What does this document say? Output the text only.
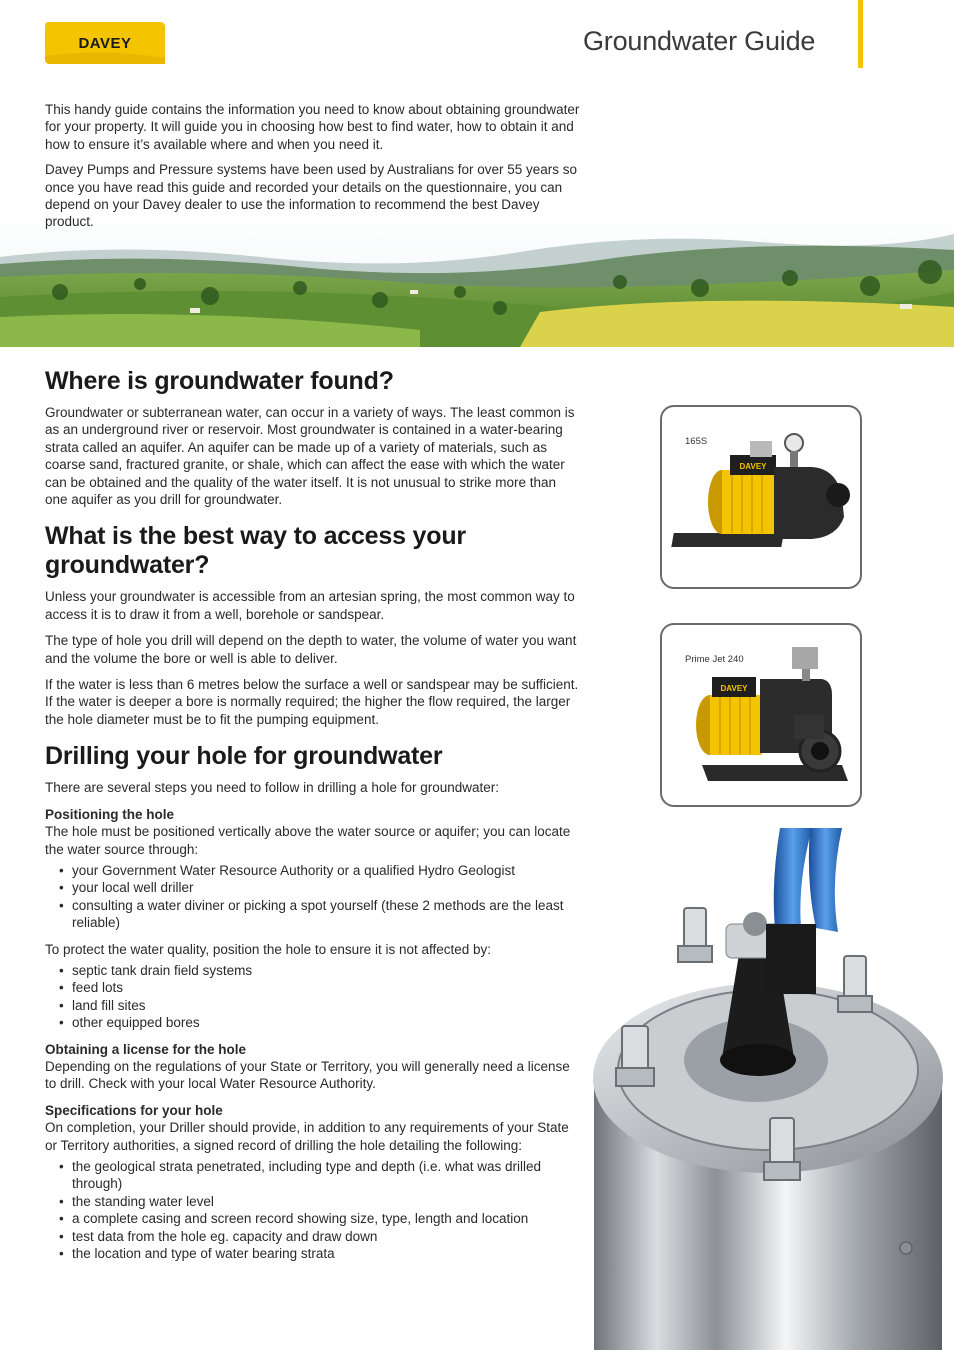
DAVEY	Groundwater Guide

This handy guide contains the information you need to know about obtaining groundwater for your property. It will guide you in choosing how best to find water, how to obtain it and how to ensure it’s available where and when you need it.

Davey Pumps and Pressure systems have been used by Australians for over 55 years so once you have read this guide and recorded your details on the questionnaire, you can depend on your Davey dealer to use the information to recommend the best Davey product.

Where is groundwater found?

Groundwater or subterranean water, can occur in a variety of ways. The least common is as an underground river or reservoir. Most groundwater is contained in a water-bearing strata called an aquifer. An aquifer can be made up of a variety of materials, such as coarse sand, fractured granite, or shale, which can affect the ease with which the water can be obtained and the quality of the water itself. It is not unusual to strike more than one aquifer as you drill for groundwater.

What is the best way to access your groundwater?

Unless your groundwater is accessible from an artesian spring, the most common way to access it is to draw it from a well, borehole or sandspear.

The type of hole you drill will depend on the depth to water, the volume of water you want and the volume the bore or well is able to deliver.

If the water is less than 6 metres below the surface a well or sandspear may be sufficient. If the water is deeper a bore is normally required; the higher the flow required, the larger the hole diameter must be to fit the pumping equipment.

Drilling your hole for groundwater

There are several steps you need to follow in drilling a hole for groundwater:

Positioning the hole

The hole must be positioned vertically above the water source or aquifer; you can locate the water source through:

• your Government Water Resource Authority or a qualified Hydro Geologist
• your local well driller
• consulting a water diviner or picking a spot yourself (these 2 methods are the least reliable)

To protect the water quality, position the hole to ensure it is not affected by:

• septic tank drain field systems
• feed lots
• land fill sites
• other equipped bores

Obtaining a license for the hole

Depending on the regulations of your State or Territory, you will generally need a license to drill. Check with your local Water Resource Authority.

Specifications for your hole

On completion, your Driller should provide, in addition to any requirements of your State or Territory authorities, a signed record of drilling the hole detailing the following:

• the geological strata penetrated, including type and depth (i.e. what was drilled through)
• the standing water level
• a complete casing and screen record showing size, type, length and location
• test data from the hole eg. capacity and draw down
• the location and type of water bearing strata
165S
DAVEY
Prime Jet 240
DAVEY
